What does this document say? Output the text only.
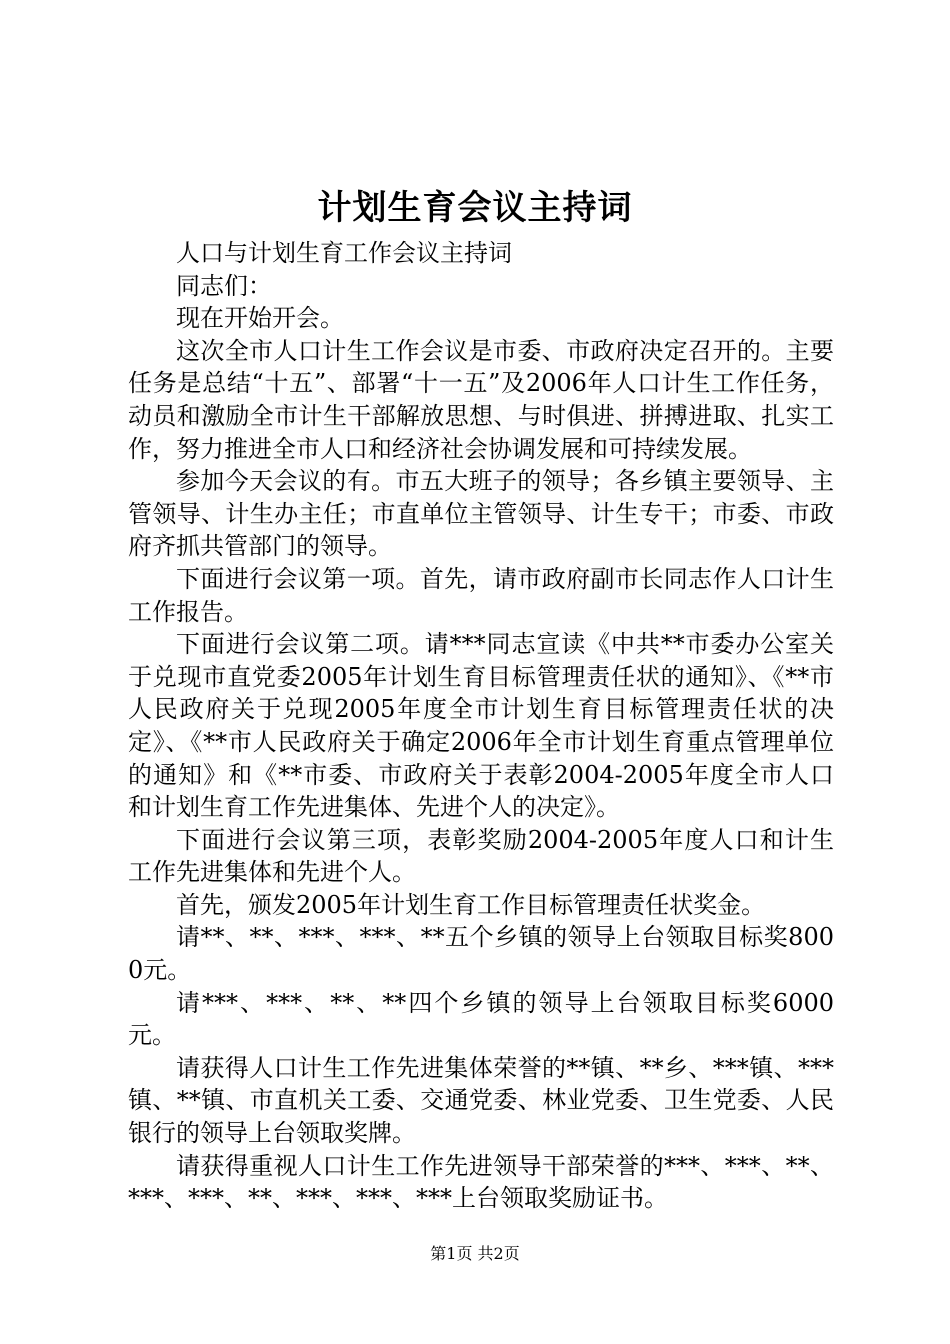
计划生育会议主持词

人口与计划生育工作会议主持词

同志们：

现在开始开会。

这次全市人口计生工作会议是市委、市政府决定召开的。主要任务是总结“十五”、部署“十一五”及2006年人口计生工作任务，动员和激励全市计生干部解放思想、与时俱进、拼搏进取、扎实工作，努力推进全市人口和经济社会协调发展和可持续发展。

参加今天会议的有。市五大班子的领导；各乡镇主要领导、主管领导、计生办主任；市直单位主管领导、计生专干；市委、市政府齐抓共管部门的领导。

下面进行会议第一项。首先，请市政府副市长同志作人口计生工作报告。

下面进行会议第二项。请***同志宣读《中共**市委办公室关于兑现市直党委2005年计划生育目标管理责任状的通知》、《**市人民政府关于兑现2005年度全市计划生育目标管理责任状的决定》、《**市人民政府关于确定2006年全市计划生育重点管理单位的通知》和《**市委、市政府关于表彰2004-2005年度全市人口和计划生育工作先进集体、先进个人的决定》。

下面进行会议第三项，表彰奖励2004-2005年度人口和计生工作先进集体和先进个人。

首先，颁发2005年计划生育工作目标管理责任状奖金。

请**、**、***、***、**五个乡镇的领导上台领取目标奖8000元。

请***、***、**、**四个乡镇的领导上台领取目标奖6000元。

请获得人口计生工作先进集体荣誉的**镇、**乡、***镇、***镇、**镇、市直机关工委、交通党委、林业党委、卫生党委、人民银行的领导上台领取奖牌。

请获得重视人口计生工作先进领导干部荣誉的***、***、**、***、***、**、***、***、***上台领取奖励证书。

第1页 共2页
